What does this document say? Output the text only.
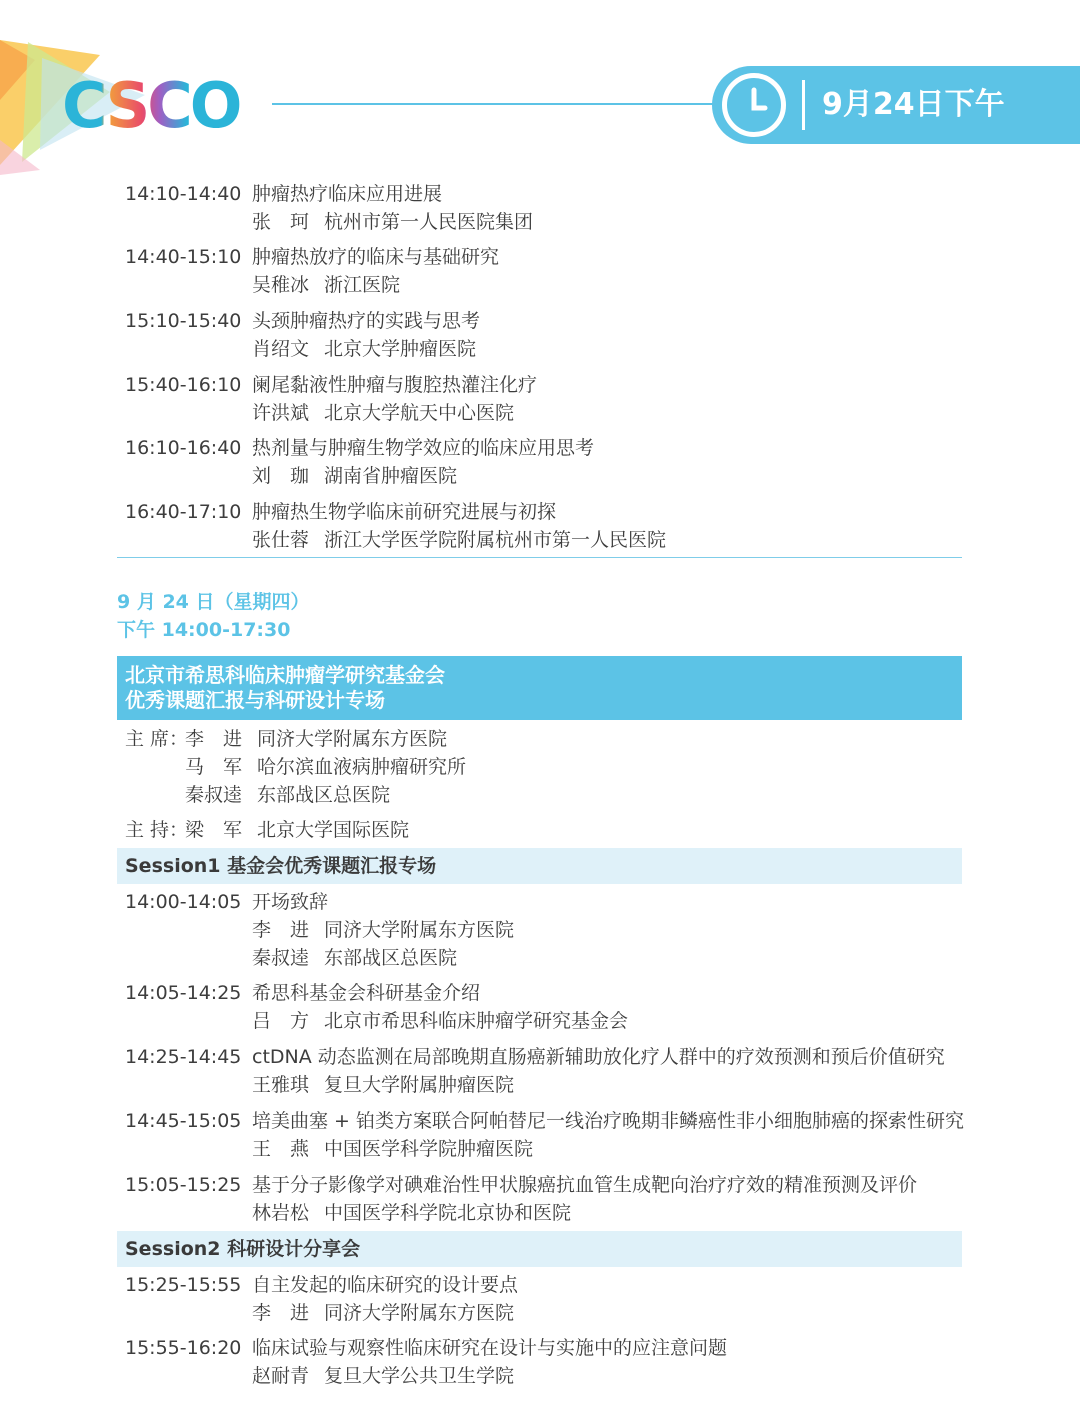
CSCO	9月24日下午
14:10-14:40 肿瘤热疗临床应用进展
张　珂 杭州市第一人民医院集团
14:40-15:10 肿瘤热放疗的临床与基础研究
吴稚冰 浙江医院
15:10-15:40 头颈肿瘤热疗的实践与思考
肖绍文 北京大学肿瘤医院
15:40-16:10 阑尾黏液性肿瘤与腹腔热灌注化疗
许洪斌 北京大学航天中心医院
16:10-16:40 热剂量与肿瘤生物学效应的临床应用思考
刘　珈 湖南省肿瘤医院
16:40-17:10 肿瘤热生物学临床前研究进展与初探
张仕蓉 浙江大学医学院附属杭州市第一人民医院
9 月 24 日（星期四）
下午 14:00-17:30
北京市希思科临床肿瘤学研究基金会
优秀课题汇报与科研设计专场
主 席：
李　进 同济大学附属东方医院
马　军 哈尔滨血液病肿瘤研究所
秦叔逵 东部战区总医院
主 持：
梁　军 北京大学国际医院
Session1 基金会优秀课题汇报专场
14:00-14:05 开场致辞
李　进 同济大学附属东方医院
秦叔逵 东部战区总医院
14:05-14:25 希思科基金会科研基金介绍
吕　方 北京市希思科临床肿瘤学研究基金会
14:25-14:45 ctDNA 动态监测在局部晚期直肠癌新辅助放化疗人群中的疗效预测和预后价值研究
王雅琪 复旦大学附属肿瘤医院
14:45-15:05 培美曲塞 + 铂类方案联合阿帕替尼一线治疗晚期非鳞癌性非小细胞肺癌的探索性研究
王　燕 中国医学科学院肿瘤医院
15:05-15:25 基于分子影像学对碘难治性甲状腺癌抗血管生成靶向治疗疗效的精准预测及评价
林岩松 中国医学科学院北京协和医院
Session2 科研设计分享会
15:25-15:55 自主发起的临床研究的设计要点
李　进 同济大学附属东方医院
15:55-16:20 临床试验与观察性临床研究在设计与实施中的应注意问题
赵耐青 复旦大学公共卫生学院
